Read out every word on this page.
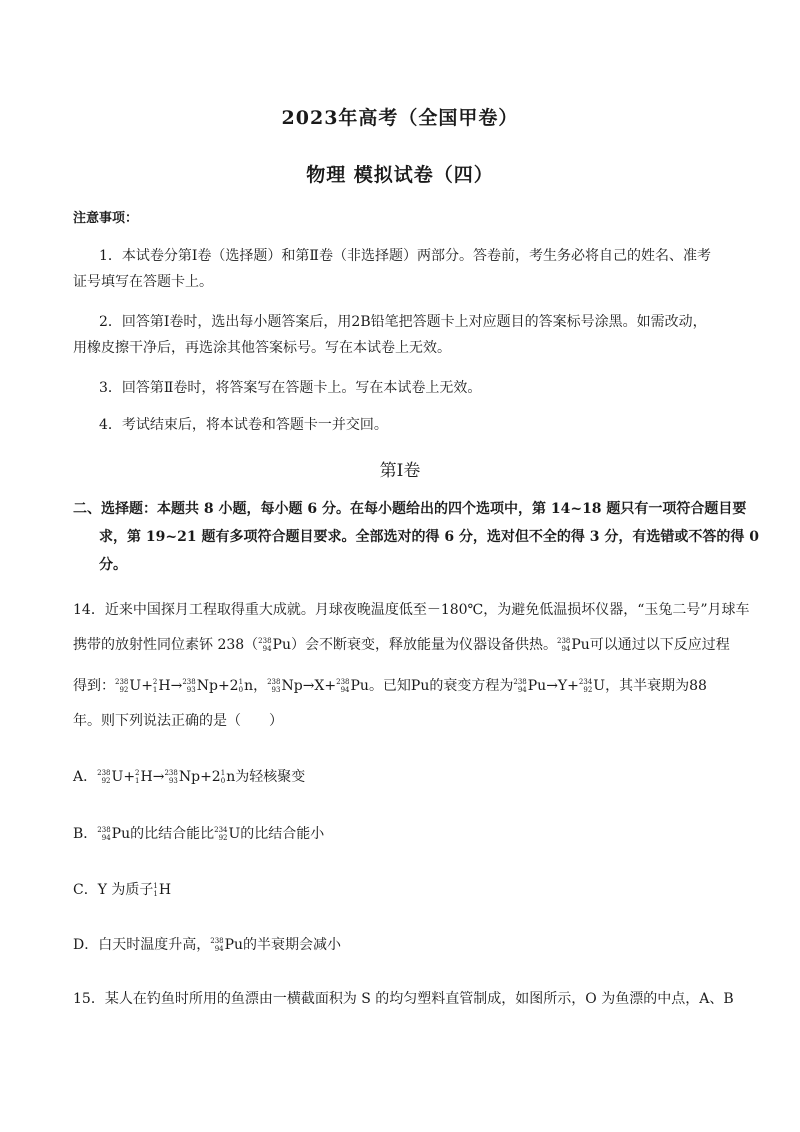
2023年高考（全国甲卷）
物理 模拟试卷（四）
注意事项：
1．本试卷分第Ⅰ卷（选择题）和第Ⅱ卷（非选择题）两部分。答卷前，考生务必将自己的姓名、准考
证号填写在答题卡上。
2．回答第Ⅰ卷时，选出每小题答案后，用2B铅笔把答题卡上对应题目的答案标号涂黑。如需改动，
用橡皮擦干净后，再选涂其他答案标号。写在本试卷上无效。
3．回答第Ⅱ卷时，将答案写在答题卡上。写在本试卷上无效。
4．考试结束后，将本试卷和答题卡一并交回。
第Ⅰ卷
二、选择题：本题共 8 小题，每小题 6 分。在每小题给出的四个选项中，第 14~18 题只有一项符合题目要
求，第 19~21 题有多项符合题目要求。全部选对的得 6 分，选对但不全的得 3 分，有选错或不答的得 0
分。
14．近来中国探月工程取得重大成就。月球夜晚温度低至－180℃，为避免低温损坏仪器，“玉兔二号”月球车
携带的放射性同位素钚 238（ 238
94 Pu）会不断衰变，释放能量为仪器设备供热。 238
94 Pu可以通过以下反应过程
得到： 238
92 U+ 2
1 H→ 238
93 Np+2 1
0 n， 238
93 Np→X+ 238
94 Pu。已知Pu的衰变方程为 238
94 Pu→Y+ 234
92 U，其半衰期为88
年。则下列说法正确的是（　　）
A． 238
92 U+ 2
1 H→ 238
93 Np+2 1
0 n为轻核聚变
B． 238
94 Pu的比结合能比 234
92 U的比结合能小
C．Y 为质子 1
1 H
D．白天时温度升高， 238
94 Pu的半衰期会减小
15．某人在钓鱼时所用的鱼漂由一横截面积为 S 的均匀塑料直管制成，如图所示，O 为鱼漂的中点，A、B
